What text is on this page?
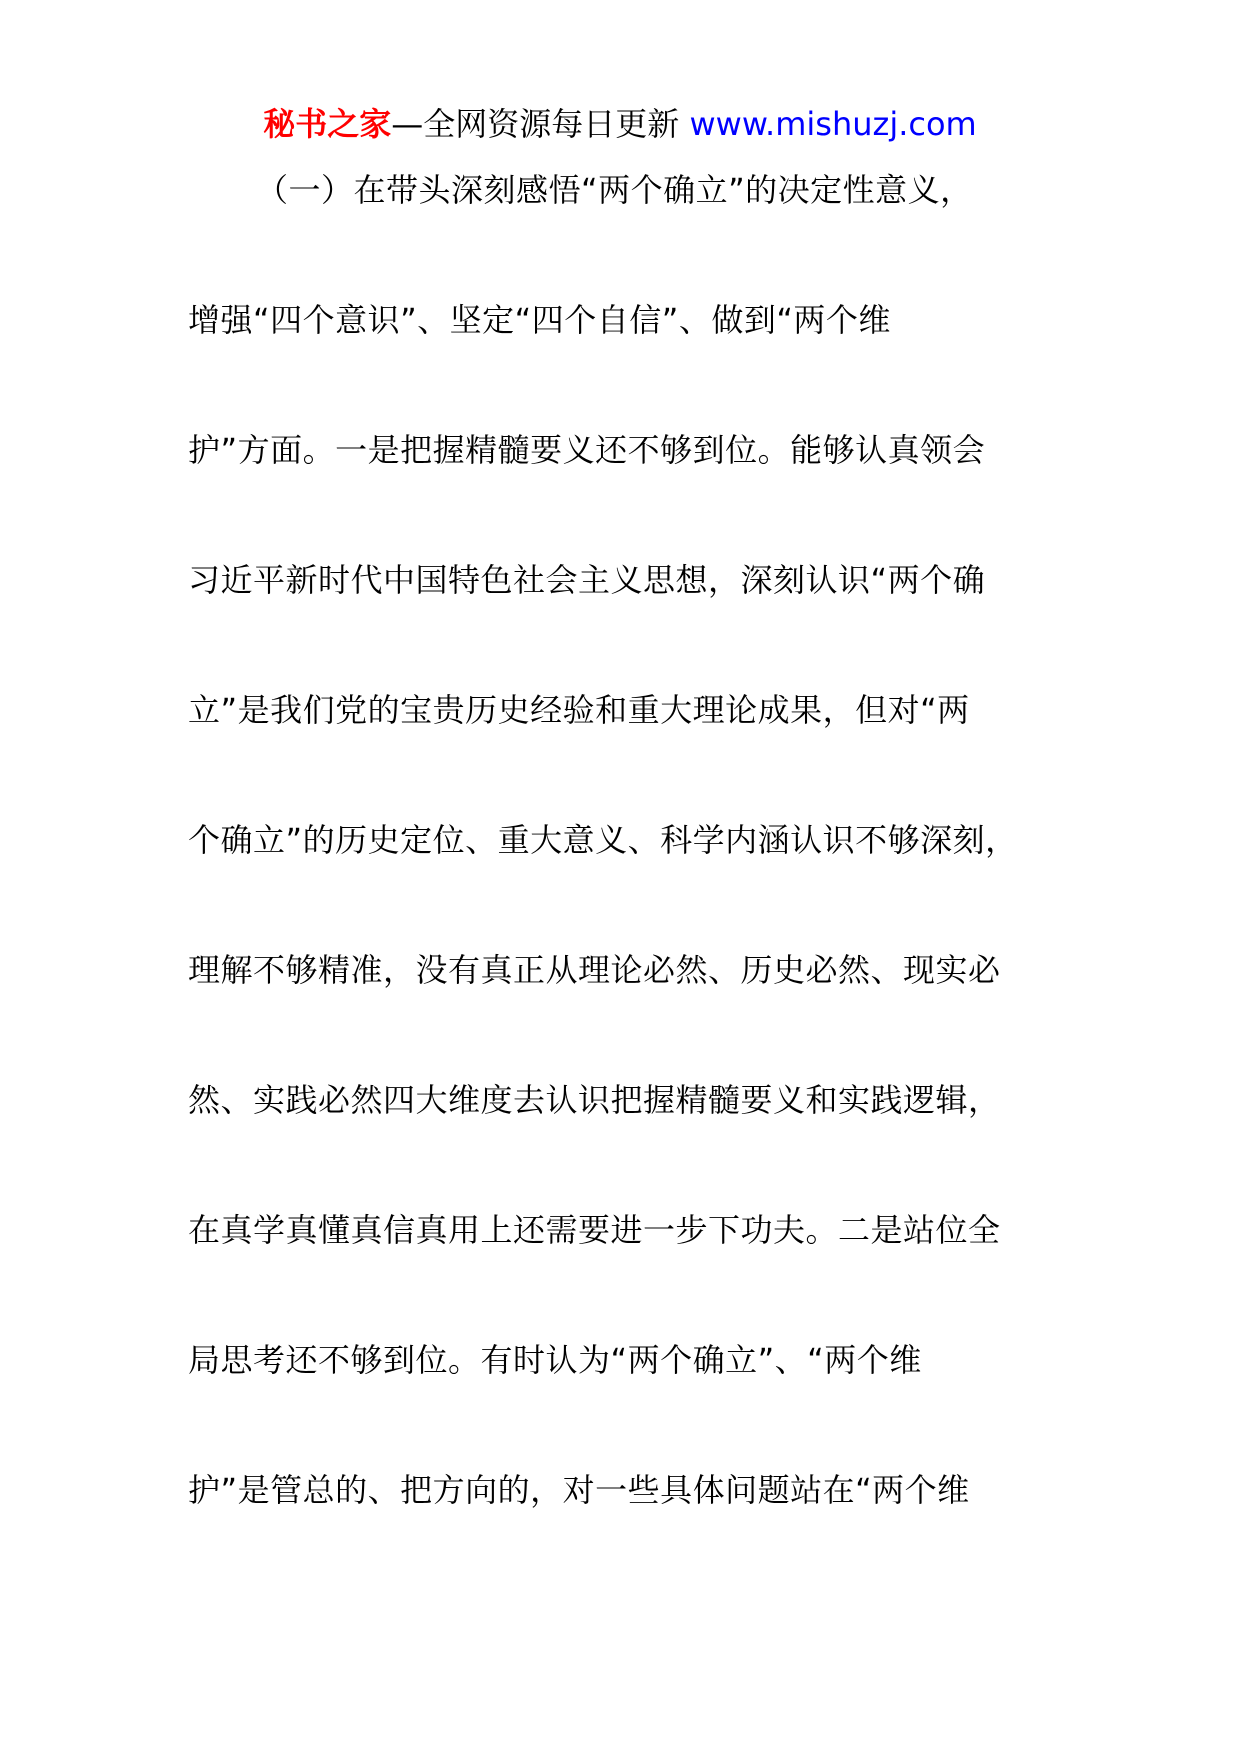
秘书之家—全网资源每日更新 www.mishuzj.com
（一）在带头深刻感悟“两个确立”的决定性意义，
增强“四个意识”、坚定“四个自信”、做到“两个维
护”方面。一是把握精髓要义还不够到位。能够认真领会
习近平新时代中国特色社会主义思想，深刻认识“两个确
立”是我们党的宝贵历史经验和重大理论成果，但对“两
个确立”的历史定位、重大意义、科学内涵认识不够深刻，
理解不够精准，没有真正从理论必然、历史必然、现实必
然、实践必然四大维度去认识把握精髓要义和实践逻辑，
在真学真懂真信真用上还需要进一步下功夫。二是站位全
局思考还不够到位。有时认为“两个确立”、“两个维
护”是管总的、把方向的，对一些具体问题站在“两个维
